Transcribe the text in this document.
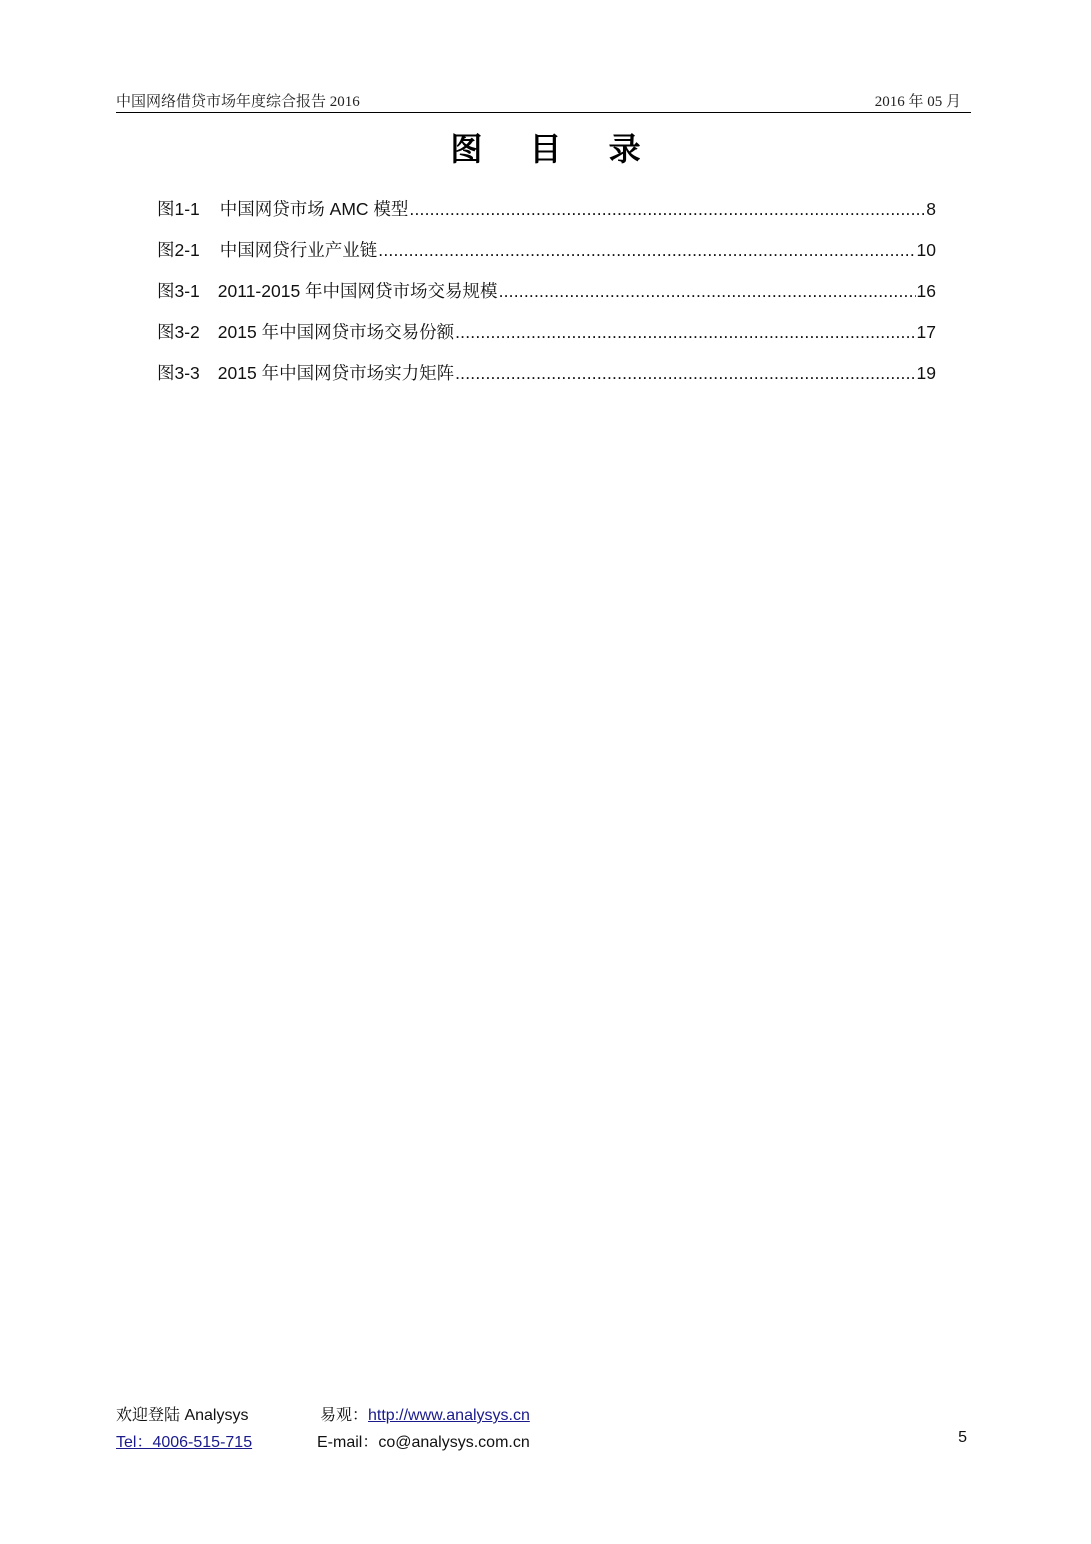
中国网络借贷市场年度综合报告 2016	2016 年 05 月
图 目 录
图 1-1 中国网贷市场 AMC 模型 .....	8
图 2-1 中国网贷行业产业链 .....	10
图 3-1 2011-2015 年中国网贷市场交易规模 .....	16
图 3-2 2015 年中国网贷市场交易份额 .....	17
图 3-3 2015 年中国网贷市场实力矩阵 .....	19
欢迎登陆 Analysys	易观：http://www.analysys.cn
Tel：4006-515-715	E-mail：co@analysys.com.cn	5
